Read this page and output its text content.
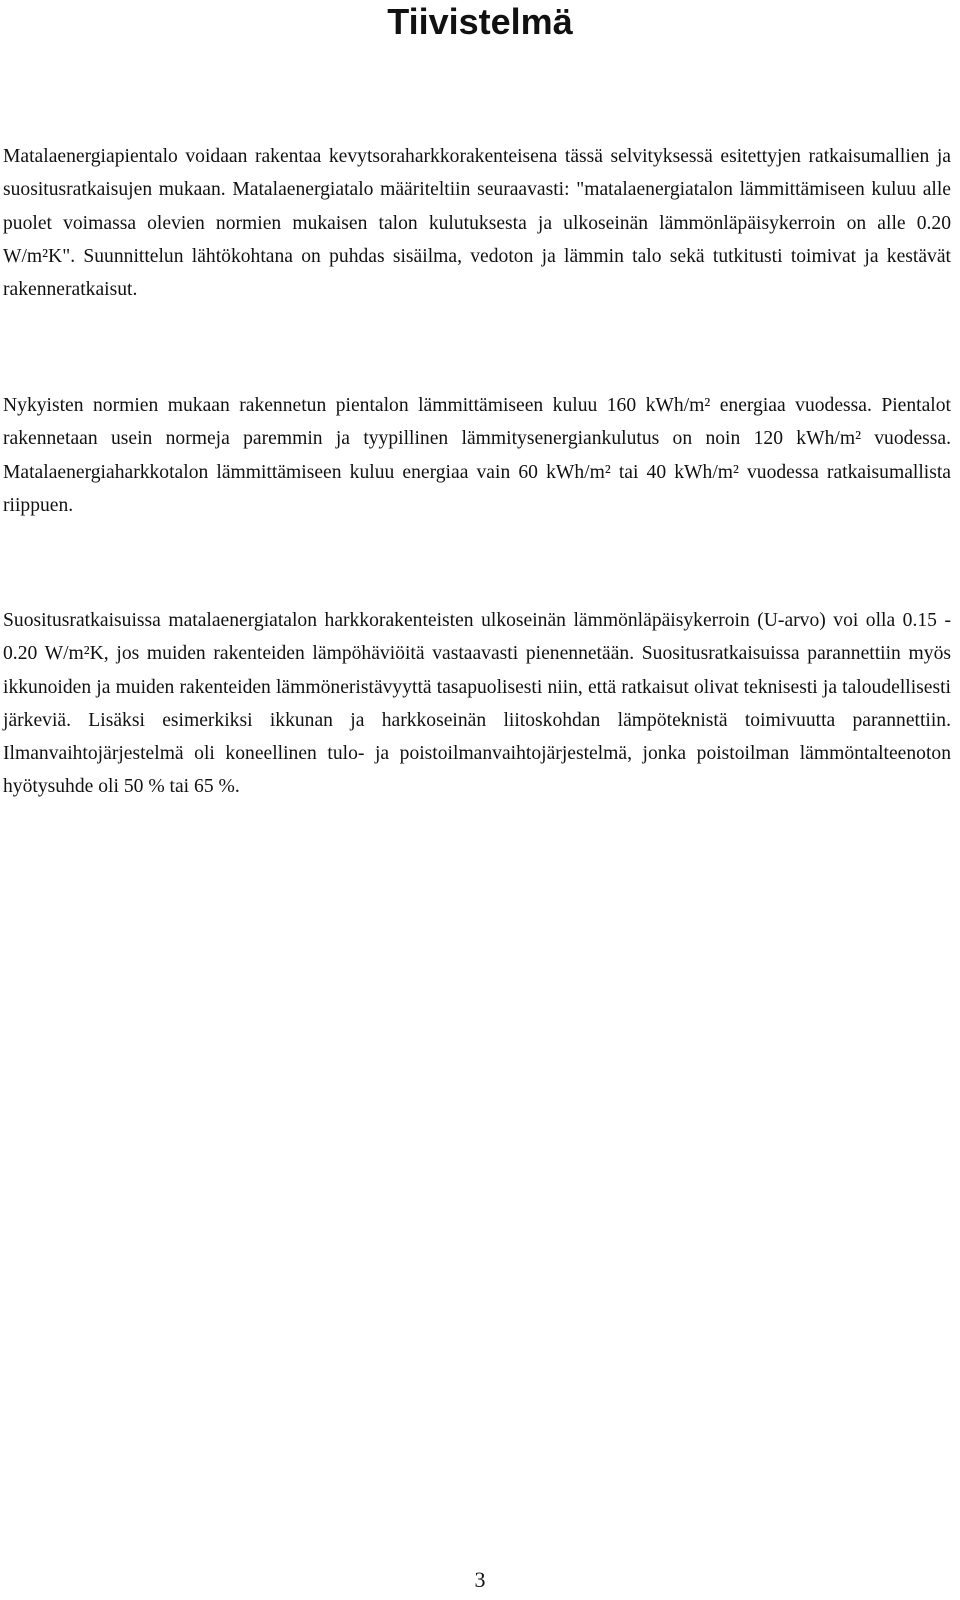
Tiivistelmä

Matalaenergiapientalo voidaan rakentaa kevytsoraharkkorakenteisena tässä selvityksessä esitettyjen ratkaisumallien ja suositusratkaisujen mukaan. Matalaenergiatalo määriteltiin seuraavasti: "matalaenergiatalon lämmittämiseen kuluu alle puolet voimassa olevien normien mukaisen talon kulutuksesta ja ulkoseinän lämmönläpäisykerroin on alle 0.20 W/m²K". Suunnittelun lähtökohtana on puhdas sisäilma, vedoton ja lämmin talo sekä tutkitusti toimivat ja kestävät rakenneratkaisut.

Nykyisten normien mukaan rakennetun pientalon lämmittämiseen kuluu 160 kWh/m² energiaa vuodessa. Pientalot rakennetaan usein normeja paremmin ja tyypillinen lämmitysenergiankulutus on noin 120 kWh/m² vuodessa. Matalaenergiaharkkotalon lämmittämiseen kuluu energiaa vain 60 kWh/m² tai 40 kWh/m² vuodessa ratkaisumallista riippuen.

Suositusratkaisuissa matalaenergiatalon harkkorakenteisten ulkoseinän lämmönläpäisykerroin (U-arvo) voi olla 0.15 - 0.20 W/m²K, jos muiden rakenteiden lämpöhäviöitä vastaavasti pienennetään. Suositusratkaisuissa parannettiin myös ikkunoiden ja muiden rakenteiden lämmöneristävyyttä tasapuolisesti niin, että ratkaisut olivat teknisesti ja taloudellisesti järkeviä. Lisäksi esimerkiksi ikkunan ja harkkoseinän liitoskohdan lämpöteknistä toimivuutta parannettiin. Ilmanvaihtojärjestelmä oli koneellinen tulo- ja poistoilmanvaihtojärjestelmä, jonka poistoilman lämmöntalteenoton hyötysuhde oli 50 % tai 65 %.

3
